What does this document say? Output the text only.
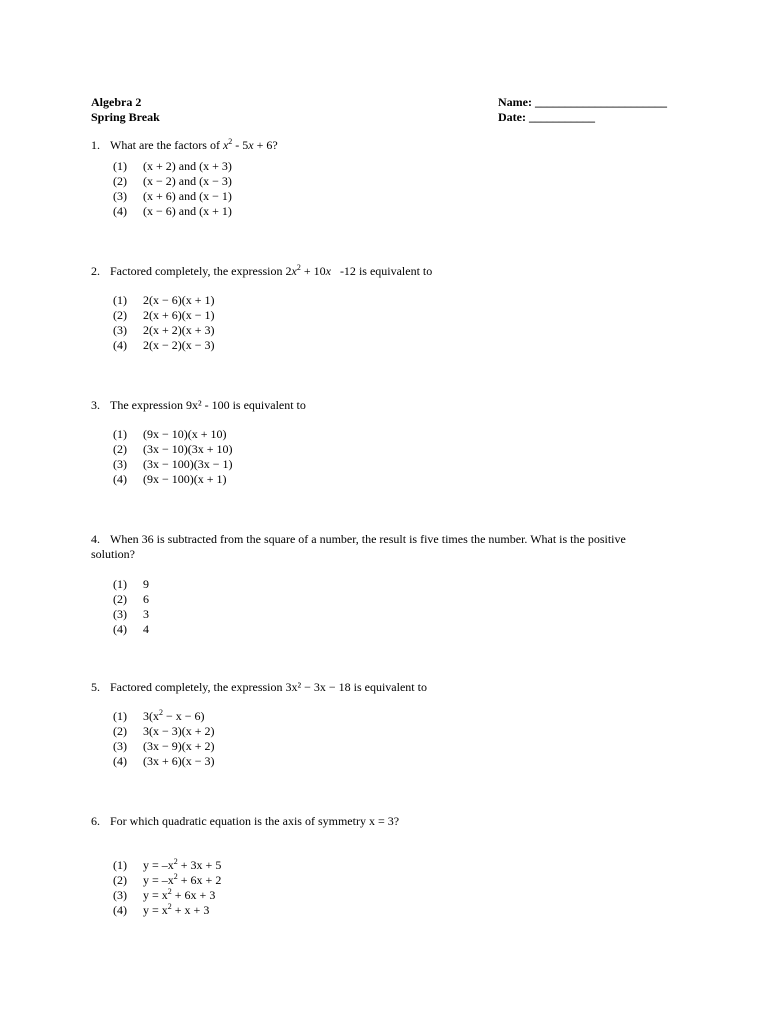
Algebra 2
Spring Break
Name: ______________________
Date: ___________
1. What are the factors of $x^2 - 5x + 6$?
(1)	(x + 2) and (x + 3)
(2)	(x − 2) and (x − 3)
(3)	(x + 6) and (x − 1)
(4)	(x − 6) and (x + 1)
2. Factored completely, the expression $2x^2 + 10x$   -12 is equivalent to
(1)	2(x − 6)(x + 1)
(2)	2(x + 6)(x − 1)
(3)	2(x + 2)(x + 3)
(4)	2(x − 2)(x − 3)
3. The expression 9x² - 100 is equivalent to
(1)	(9x − 10)(x + 10)
(2)	(3x − 10)(3x + 10)
(3)	(3x − 100)(3x − 1)
(4)	(9x − 100)(x + 1)
4. When 36 is subtracted from the square of a number, the result is five times the number. What is the positive
solution?
(1)	9
(2)	6
(3)	3
(4)	4
5. Factored completely, the expression 3x² − 3x − 18 is equivalent to
(1)	$3(x^2 - x - 6)$
(2)	3(x − 3)(x + 2)
(3)	(3x − 9)(x + 2)
(4)	(3x + 6)(x − 3)
6. For which quadratic equation is the axis of symmetry x = 3?
(1)	$y = -x^2 + 3x + 5$
(2)	$y = -x^2 + 6x + 2$
(3)	$y = x^2 + 6x + 3$
(4)	$y = x^2 + x + 3$
